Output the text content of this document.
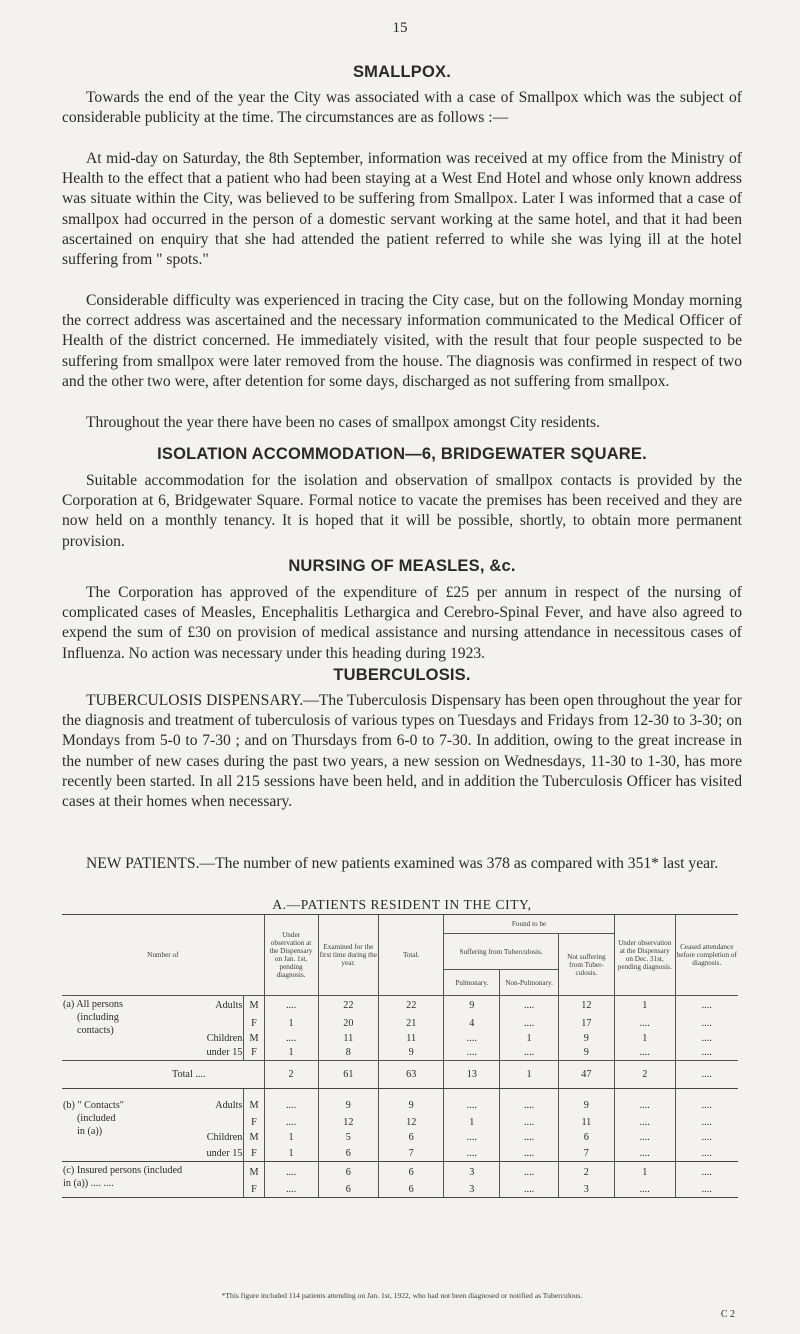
15
SMALLPOX.
Towards the end of the year the City was associated with a case of Smallpox which was the subject of considerable publicity at the time. The circumstances are as follows :—
At mid-day on Saturday, the 8th September, information was received at my office from the Ministry of Health to the effect that a patient who had been staying at a West End Hotel and whose only known address was situate within the City, was believed to be suffering from Smallpox. Later I was informed that a case of smallpox had occurred in the person of a domestic servant working at the same hotel, and that it had been ascertained on enquiry that she had attended the patient referred to while she was lying ill at the hotel suffering from " spots."
Considerable difficulty was experienced in tracing the City case, but on the following Monday morning the correct address was ascertained and the necessary information communicated to the Medical Officer of Health of the district concerned. He immediately visited, with the result that four people suspected to be suffering from smallpox were later removed from the house. The diagnosis was confirmed in respect of two and the other two were, after detention for some days, discharged as not suffering from smallpox.
Throughout the year there have been no cases of smallpox amongst City residents.
ISOLATION ACCOMMODATION—6, BRIDGEWATER SQUARE.
Suitable accommodation for the isolation and observation of smallpox contacts is provided by the Corporation at 6, Bridgewater Square. Formal notice to vacate the premises has been received and they are now held on a monthly tenancy. It is hoped that it will be possible, shortly, to obtain more permanent provision.
NURSING OF MEASLES, &c.
The Corporation has approved of the expenditure of £25 per annum in respect of the nursing of complicated cases of Measles, Encephalitis Lethargica and Cerebro-Spinal Fever, and have also agreed to expend the sum of £30 on provision of medical assistance and nursing attendance in necessitous cases of Influenza. No action was necessary under this heading during 1923.
TUBERCULOSIS.
TUBERCULOSIS DISPENSARY.—The Tuberculosis Dispensary has been open throughout the year for the diagnosis and treatment of tuberculosis of various types on Tuesdays and Fridays from 12-30 to 3-30; on Mondays from 5-0 to 7-30 ; and on Thursdays from 6-0 to 7-30. In addition, owing to the great increase in the number of new cases during the past two years, a new session on Wednesdays, 11-30 to 1-30, has more recently been started. In all 215 sessions have been held, and in addition the Tuberculosis Officer has visited cases at their homes when necessary.
NEW PATIENTS.—The number of new patients examined was 378 as compared with 351* last year.
A.—PATIENTS RESIDENT IN THE CITY,
Number of			Under observation at the Dispensary on Jan. 1st, pending diagnosis.	Examined for the first time during the year.	Total.	Found to be			Under observation at the Dispensary on Dec. 31st, pending diagnosis.	Ceased attendance before completion of diagnosis.
						Suffering from Tuberculosis.		Not suffering from Tuber-culosis.		
						Pulmonary.	Non-Pulmonary.			

(a) All persons
(including
contacts)	Adults	M	....	22	22	9	....	12	1	....
		F	1	20	21	4	....	17	....	....
	Children	M	....	11	11	....	1	9	1	....
	under 15	F	1	8	9	....	....	9	....	....
Total ....			2	61	63	13	1	47	2	....

(b) " Contacts"
(included
in (a))	Adults	M	....	9	9	....	....	9	....	....
		F	....	12	12	1	....	11	....	....
	Children	M	1	5	6	....	....	6	....	....
	under 15	F	1	6	7	....	....	7	....	....

(c) Insured persons (included
in (a)) .... ....		M	....	6	6	3	....	2	1	....
		F	....	6	6	3	....	3	....	....
*This figure included 114 patients attending on Jan. 1st, 1922, who had not been diagnosed or notified as Tuberculous.
C 2
